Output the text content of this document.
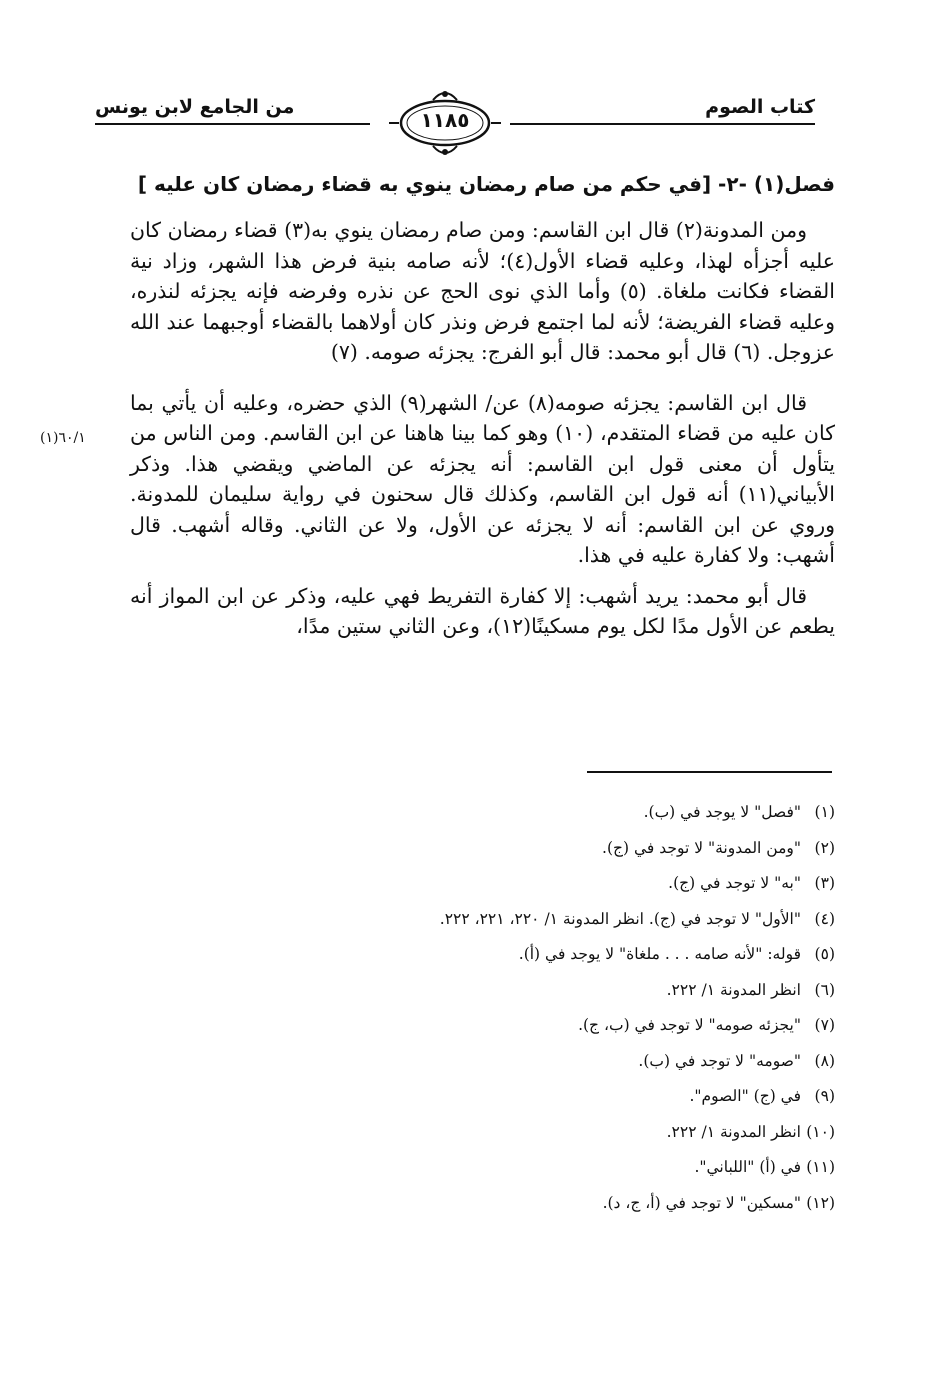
كتاب الصوم
من الجامع لابن يونس
١١٨٥
فصل(١) -٢- [في حكم من صام رمضان ينوي به قضاء رمضان كان عليه ]
٦٠/١(١)

ومن المدونة(٢) قال ابن القاسم: ومن صام رمضان ينوي به(٣) قضاء رمضان كان عليه أجزأه لهذا، وعليه قضاء الأول(٤)؛ لأنه صامه بنية فرض هذا الشهر، وزاد نية القضاء فكانت ملغاة. (٥) وأما الذي نوى الحج عن نذره وفرضه فإنه يجزئه لنذره، وعليه قضاء الفريضة؛ لأنه لما اجتمع فرض ونذر كان أولاهما بالقضاء أوجبهما عند الله عزوجل. (٦) قال أبو محمد: قال أبو الفرج: يجزئه صومه. (٧)

قال ابن القاسم: يجزئه صومه(٨) عن/ الشهر(٩) الذي حضره، وعليه أن يأتي بما كان عليه من قضاء المتقدم، (١٠) وهو كما بينا هاهنا عن ابن القاسم. ومن الناس من يتأول أن معنى قول ابن القاسم: أنه يجزئه عن الماضي ويقضي هذا. وذكر الأبياني(١١) أنه قول ابن القاسم، وكذلك قال سحنون في رواية سليمان للمدونة. وروي عن ابن القاسم: أنه لا يجزئه عن الأول، ولا عن الثاني. وقاله أشهب. قال أشهب: ولا كفارة عليه في هذا.

قال أبو محمد: يريد أشهب: إلا كفارة التفريط فهي عليه، وذكر عن ابن المواز أنه يطعم عن الأول مدًا لكل يوم مسكينًا(١٢)، وعن الثاني ستين مدًا،

(١)"فصل" لا يوجد في (ب).
(٢)"ومن المدونة" لا توجد في (ج).
(٣)"به" لا توجد في (ج).
(٤)"الأول" لا توجد في (ج). انظر المدونة ١/ ٢٢٠، ٢٢١، ٢٢٢.
(٥)قوله: "لأنه صامه . . . ملغاة" لا يوجد في (أ).
(٦)انظر المدونة ١/ ٢٢٢.
(٧)"يجزئه صومه" لا توجد في (ب، ج).
(٨)"صومه" لا توجد في (ب).
(٩)في (ج) "الصوم".
(١٠)انظر المدونة ١/ ٢٢٢.
(١١)في (أ) "اللباني".
(١٢)"مسكين" لا توجد في (أ، ج، د).
